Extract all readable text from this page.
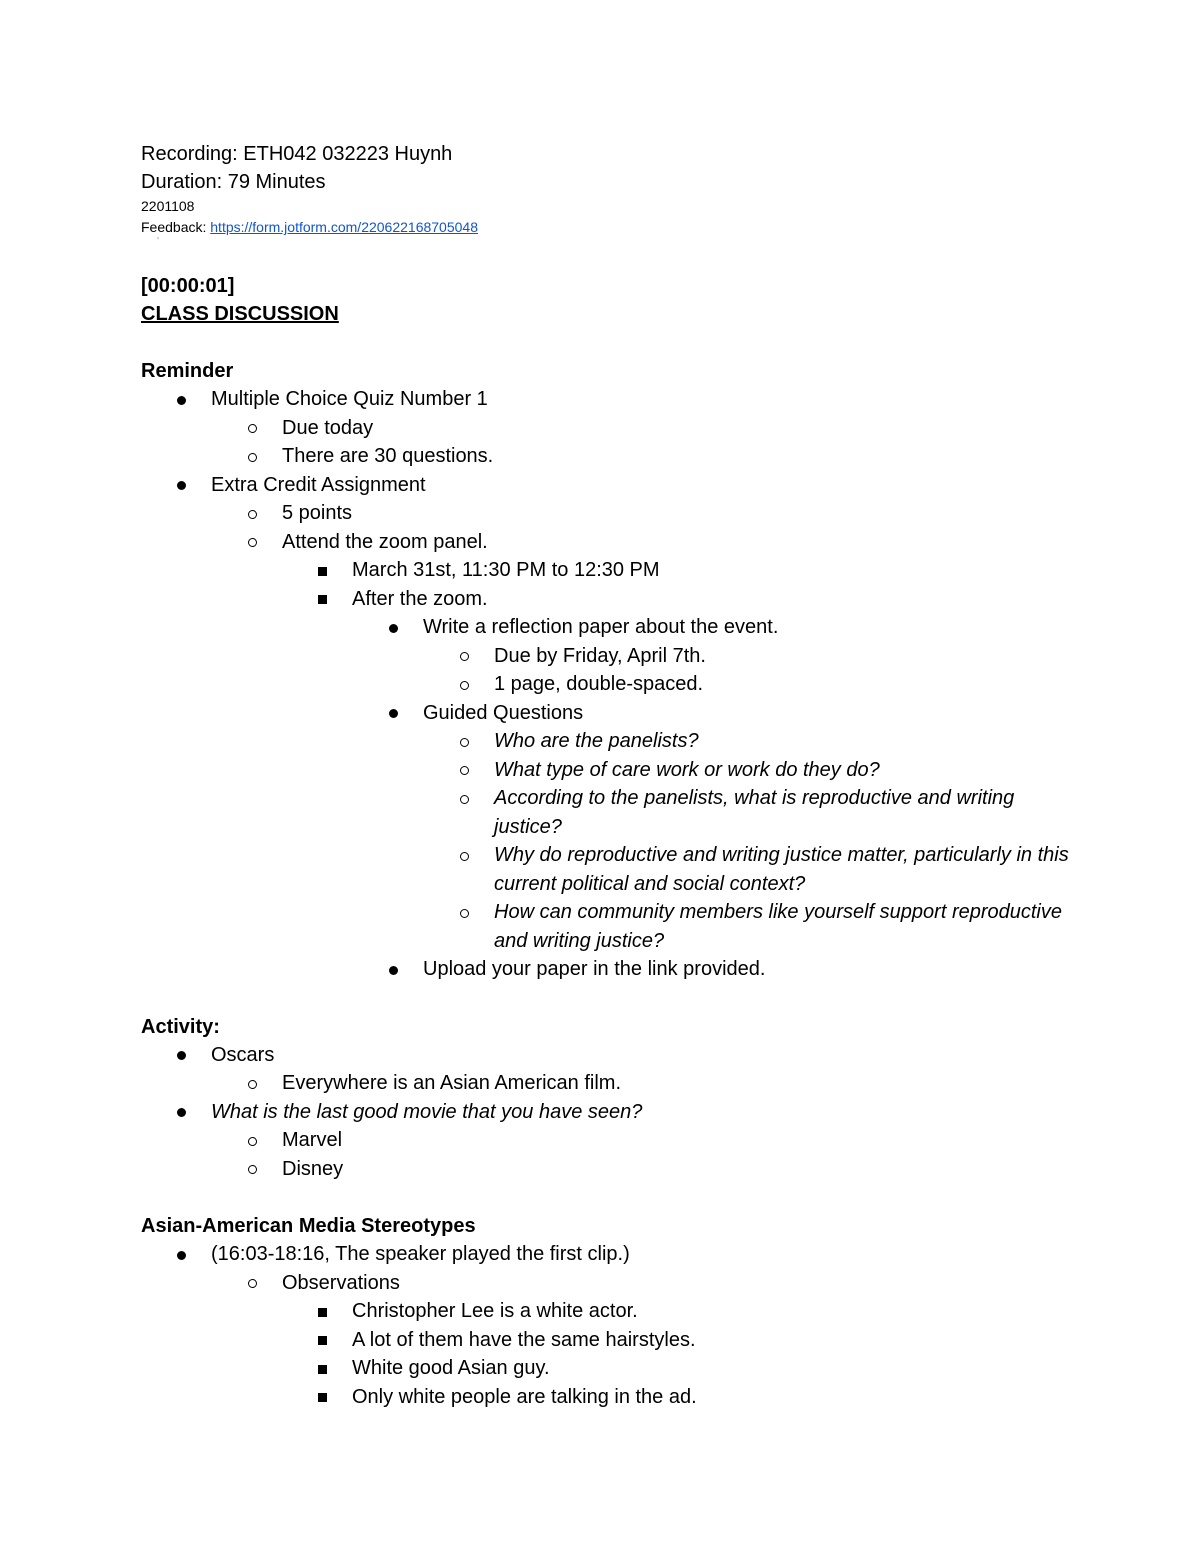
Recording: ETH042 032223 Huynh
Duration: 79 Minutes
2201108
Feedback: https://form.jotform.com/220622168705048
'
[00:00:01]
CLASS DISCUSSION
Reminder
Multiple Choice Quiz Number 1
Due today
There are 30 questions.
Extra Credit Assignment
5 points
Attend the zoom panel.
March 31st, 11:30 PM to 12:30 PM
After the zoom.
Write a reflection paper about the event.
Due by Friday, April 7th.
1 page, double-spaced.
Guided Questions
Who are the panelists?
What type of care work or work do they do?
According to the panelists, what is reproductive and writing justice?
Why do reproductive and writing justice matter, particularly in this current political and social context?
How can community members like yourself support reproductive and writing justice?
Upload your paper in the link provided.
Activity:
Oscars
Everywhere is an Asian American film.
What is the last good movie that you have seen?
Marvel
Disney
Asian-American Media Stereotypes
(16:03-18:16, The speaker played the first clip.)
Observations
Christopher Lee is a white actor.
A lot of them have the same hairstyles.
White good Asian guy.
Only white people are talking in the ad.
